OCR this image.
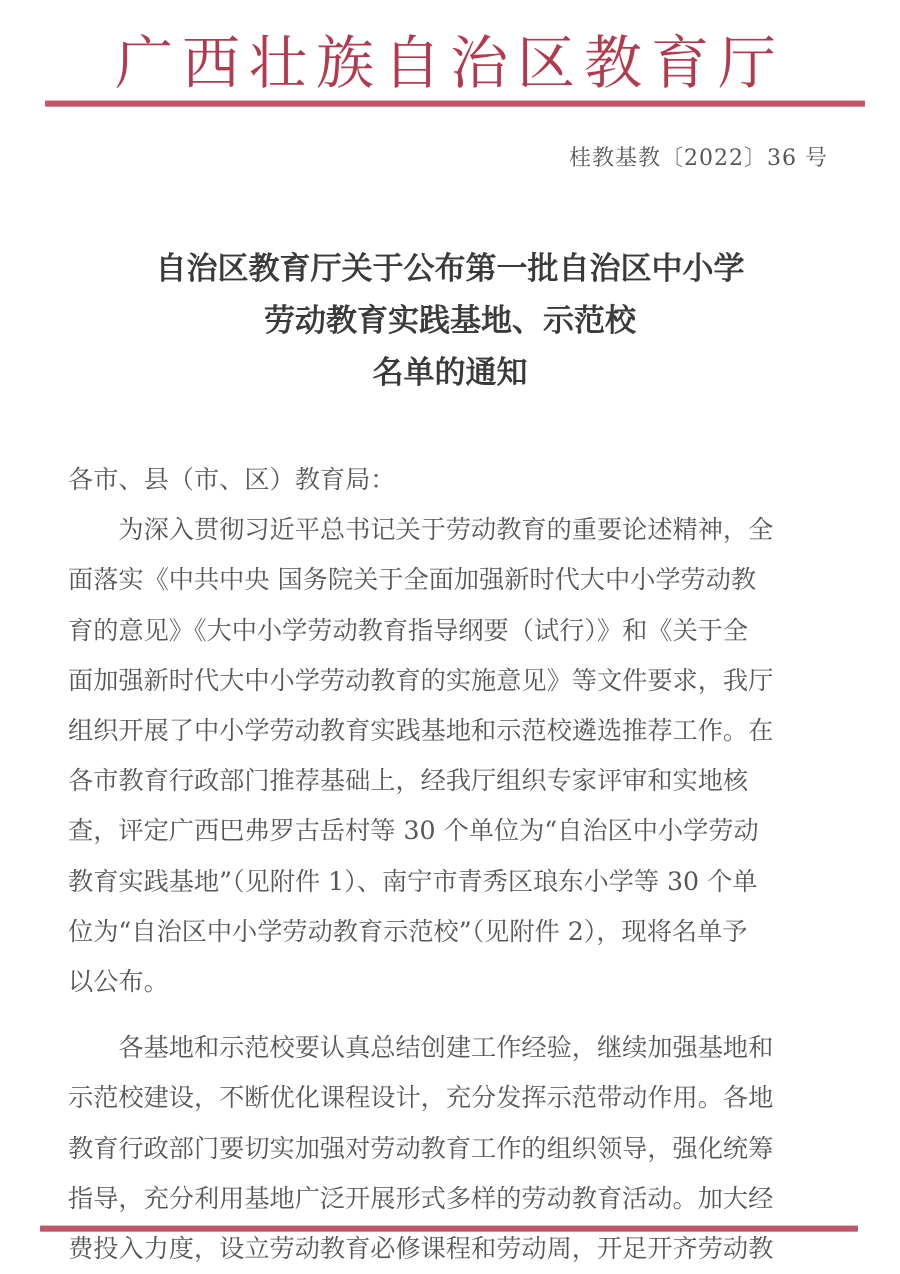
广西壮族自治区教育厅
桂教基教〔2022〕36 号
自治区教育厅关于公布第一批自治区中小学
劳动教育实践基地、示范校
名单的通知
各市、县（市、区）教育局：
　　为深入贯彻习近平总书记关于劳动教育的重要论述精神，全
面落实《中共中央 国务院关于全面加强新时代大中小学劳动教
育的意见》《大中小学劳动教育指导纲要（试行）》和《关于全
面加强新时代大中小学劳动教育的实施意见》等文件要求，我厅
组织开展了中小学劳动教育实践基地和示范校遴选推荐工作。在
各市教育行政部门推荐基础上，经我厅组织专家评审和实地核
查，评定广西巴弗罗古岳村等 30 个单位为“自治区中小学劳动
教育实践基地”（见附件 1）、南宁市青秀区琅东小学等 30 个单
位为“自治区中小学劳动教育示范校”（见附件 2），现将名单予
以公布。
　　各基地和示范校要认真总结创建工作经验，继续加强基地和
示范校建设，不断优化课程设计，充分发挥示范带动作用。各地
教育行政部门要切实加强对劳动教育工作的组织领导，强化统筹
指导，充分利用基地广泛开展形式多样的劳动教育活动。加大经
费投入力度，设立劳动教育必修课程和劳动周，开足开齐劳动教
